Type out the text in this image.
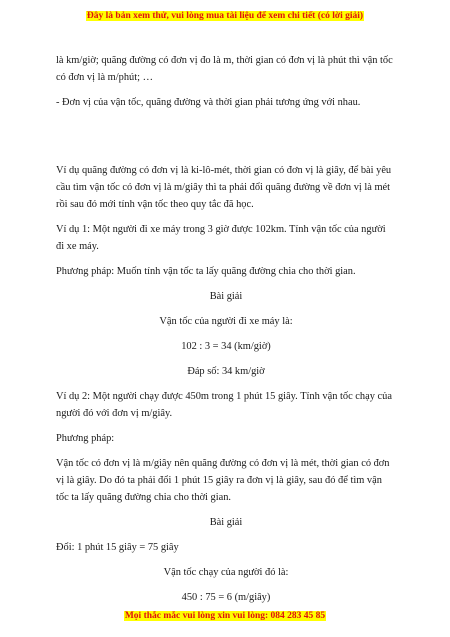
Đây là bản xem thử, vui lòng mua tài liệu để xem chi tiết (có lời giải)

là km/giờ; quãng đường có đơn vị đo là m, thời gian có đơn vị là phút thì vận tốc có đơn vị là m/phút; …

- Đơn vị của vận tốc, quãng đường và thời gian phải tương ứng với nhau.

Ví dụ quãng đường có đơn vị là ki-lô-mét, thời gian có đơn vị là giây, để bài yêu cầu tìm vận tốc có đơn vị là m/giây thì ta phải đổi quãng đường về đơn vị là mét rồi sau đó mới tính vận tốc theo quy tắc đã học.

Ví dụ 1: Một người đi xe máy trong 3 giờ được 102km. Tính vận tốc của người đi xe máy.

Phương pháp: Muốn tính vận tốc ta lấy quãng đường chia cho thời gian.

Bài giải

Vận tốc của người đi xe máy là:

102 : 3 = 34 (km/giờ)

Đáp số: 34 km/giờ

Ví dụ 2: Một người chạy được 450m trong 1 phút 15 giây. Tính vận tốc chạy của người đó với đơn vị m/giây.

Phương pháp:

Vận tốc có đơn vị là m/giây nên quãng đường có đơn vị là mét, thời gian có đơn vị là giây. Do đó ta phải đổi 1 phút 15 giây ra đơn vị là giây, sau đó để tìm vận tốc ta lấy quãng đường chia cho thời gian.

Bài giải

Đổi: 1 phút 15 giây = 75 giây

Vận tốc chạy của người đó là:

450 : 75 = 6 (m/giây)

Mọi thắc mắc vui lòng xin vui lòng: 084 283 45 85
